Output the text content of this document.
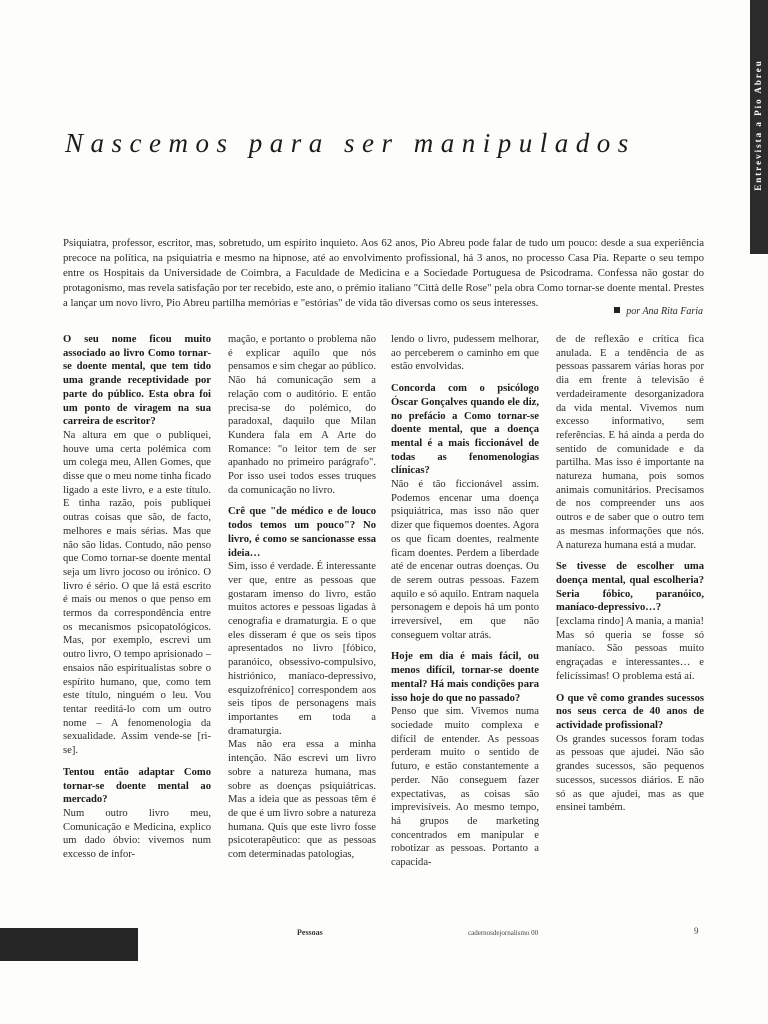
Entrevista a Pio Abreu
Nascemos para ser manipulados

Psiquiatra, professor, escritor, mas, sobretudo, um espírito inquieto. Aos 62 anos, Pio Abreu pode falar de tudo um pouco: desde a sua experiência precoce na política, na psiquiatria e mesmo na hipnose, até ao envolvimento profissional, há 3 anos, no processo Casa Pia. Reparte o seu tempo entre os Hospitais da Universidade de Coimbra, a Faculdade de Medicina e a Sociedade Portuguesa de Psicodrama. Confessa não gostar do protagonismo, mas revela satisfação por ter recebido, este ano, o prémio italiano "Città delle Rose" pela obra Como tornar-se doente mental. Prestes a lançar um novo livro, Pio Abreu partilha memórias e "estórias" de vida tão diversas como os seus interesses.

por Ana Rita Faria

O seu nome ficou muito associado ao livro Como tornar-se doente mental, que tem tido uma grande receptividade por parte do público. Esta obra foi um ponto de viragem na sua carreira de escritor?

Na altura em que o publiquei, houve uma certa polémica com um colega meu, Allen Gomes, que disse que o meu nome tinha ficado ligado a este livro, e a este título. E tinha razão, pois publiquei outras coisas que são, de facto, melhores e mais sérias. Mas que não são lidas. Contudo, não penso que Como tornar-se doente mental seja um livro jocoso ou irónico. O livro é sério. O que lá está escrito é mais ou menos o que penso em termos da correspondência entre os mecanismos psicopatológicos. Mas, por exemplo, escrevi um outro livro, O tempo aprisionado – ensaios não espiritualistas sobre o espírito humano, que, como tem este título, ninguém o leu. Vou tentar reeditá-lo com um outro nome – A fenomenologia da sexualidade. Assim vende-se [ri-se].

Tentou então adaptar Como tornar-se doente mental ao mercado?

Num outro livro meu, Comunicação e Medicina, explico um dado óbvio: vivemos num excesso de infor-

mação, e portanto o problema não é explicar aquilo que nós pensamos e sim chegar ao público. Não há comunicação sem a relação com o auditório. E então precisa-se do polémico, do paradoxal, daquilo que Milan Kundera fala em A Arte do Romance: "o leitor tem de ser apanhado no primeiro parágrafo". Por isso usei todos esses truques da comunicação no livro.

Crê que "de médico e de louco todos temos um pouco"? No livro, é como se sancionasse essa ideia…

Sim, isso é verdade. É interessante ver que, entre as pessoas que gostaram imenso do livro, estão muitos actores e pessoas ligadas à cenografia e dramaturgia. E o que eles disseram é que os seis tipos apresentados no livro [fóbico, paranóico, obsessivo-compulsivo, histriónico, maníaco-depressivo, esquizofrénico] correspondem aos seis tipos de personagens mais importantes em toda a dramaturgia.

Mas não era essa a minha intenção. Não escrevi um livro sobre a natureza humana, mas sobre as doenças psiquiátricas. Mas a ideia que as pessoas têm é de que é um livro sobre a natureza humana. Quis que este livro fosse psicoterapêutico: que as pessoas com determinadas patologias,

lendo o livro, pudessem melhorar, ao perceberem o caminho em que estão envolvidas.

Concorda com o psicólogo Óscar Gonçalves quando ele diz, no prefácio a Como tornar-se doente mental, que a doença mental é a mais ficcionável de todas as fenomenologias clínicas?

Não é tão ficcionável assim. Podemos encenar uma doença psiquiátrica, mas isso não quer dizer que fiquemos doentes. Agora os que ficam doentes, realmente ficam doentes. Perdem a liberdade até de encenar outras doenças. Ou de serem outras pessoas. Fazem aquilo e só aquilo. Entram naquela personagem e depois há um ponto irreversível, em que não conseguem voltar atrás.

Hoje em dia é mais fácil, ou menos difícil, tornar-se doente mental? Há mais condições para isso hoje do que no passado?

Penso que sim. Vivemos numa sociedade muito complexa e difícil de entender. As pessoas perderam muito o sentido de futuro, e estão constantemente a perder. Não conseguem fazer expectativas, as coisas são imprevisíveis. Ao mesmo tempo, há grupos de marketing concentrados em manipular e robotizar as pessoas. Portanto a capacida-

de de reflexão e crítica fica anulada. E a tendência de as pessoas passarem várias horas por dia em frente à televisão é verdadeiramente desorganizadora da vida mental. Vivemos num excesso informativo, sem referências. E há ainda a perda do sentido de comunidade e da partilha. Mas isso é importante na natureza humana, pois somos animais comunitários. Precisamos de nos compreender uns aos outros e de saber que o outro tem as mesmas informações que nós. A natureza humana está a mudar.

Se tivesse de escolher uma doença mental, qual escolheria? Seria fóbico, paranóico, maníaco-depressivo…?

[exclama rindo] A mania, a mania! Mas só queria se fosse só maníaco. São pessoas muito engraçadas e interessantes… e felicíssimas! O problema está aí.

O que vê como grandes sucessos nos seus cerca de 40 anos de actividade profissional?

Os grandes sucessos foram todas as pessoas que ajudei. Não são grandes sucessos, são pequenos sucessos, sucessos diários. E não só as que ajudei, mas as que ensinei também.

Pessoas	cadernosdejornalismo 00	9
